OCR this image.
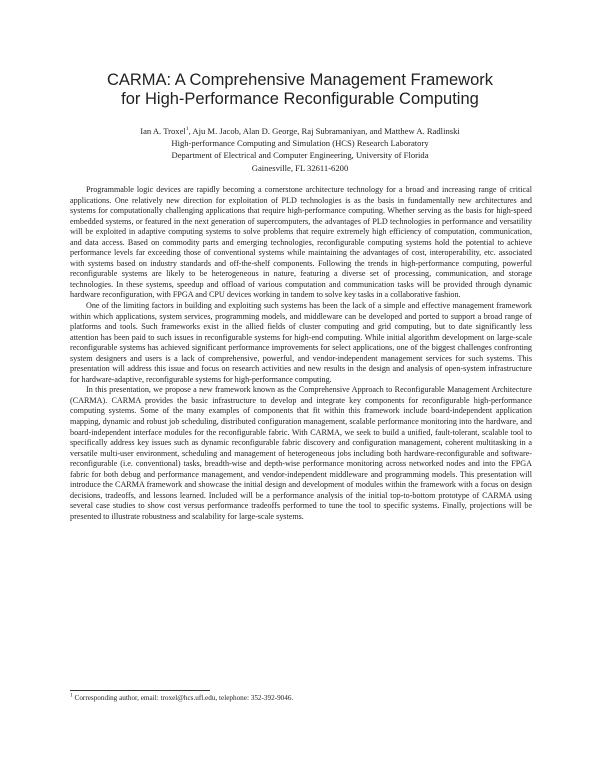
CARMA: A Comprehensive Management Framework
for High-Performance Reconfigurable Computing
Ian A. Troxel$^1$, Aju M. Jacob, Alan D. George, Raj Subramaniyan, and Matthew A. Radlinski
High-performance Computing and Simulation (HCS) Research Laboratory
Department of Electrical and Computer Engineering, University of Florida
Gainesville, FL 32611-6200

Programmable logic devices are rapidly becoming a cornerstone architecture technology for a broad and increasing range of critical applications. One relatively new direction for exploitation of PLD technologies is as the basis in fundamentally new architectures and systems for computationally challenging applications that require high-performance computing. Whether serving as the basis for high-speed embedded systems, or featured in the next generation of supercomputers, the advantages of PLD technologies in performance and versatility will be exploited in adaptive computing systems to solve problems that require extremely high efficiency of computation, communication, and data access. Based on commodity parts and emerging technologies, reconfigurable computing systems hold the potential to achieve performance levels far exceeding those of conventional systems while maintaining the advantages of cost, interoperability, etc. associated with systems based on industry standards and off-the-shelf components. Following the trends in high-performance computing, powerful reconfigurable systems are likely to be heterogeneous in nature, featuring a diverse set of processing, communication, and storage technologies. In these systems, speedup and offload of various computation and communication tasks will be provided through dynamic hardware reconfiguration, with FPGA and CPU devices working in tandem to solve key tasks in a collaborative fashion.

One of the limiting factors in building and exploiting such systems has been the lack of a simple and effective management framework within which applications, system services, programming models, and middleware can be developed and ported to support a broad range of platforms and tools. Such frameworks exist in the allied fields of cluster computing and grid computing, but to date significantly less attention has been paid to such issues in reconfigurable systems for high-end computing. While initial algorithm development on large-scale reconfigurable systems has achieved significant performance improvements for select applications, one of the biggest challenges confronting system designers and users is a lack of comprehensive, powerful, and vendor-independent management services for such systems. This presentation will address this issue and focus on research activities and new results in the design and analysis of open-system infrastructure for hardware-adaptive, reconfigurable systems for high-performance computing.

In this presentation, we propose a new framework known as the Comprehensive Approach to Reconfigurable Management Architecture (CARMA). CARMA provides the basic infrastructure to develop and integrate key components for reconfigurable high-performance computing systems. Some of the many examples of components that fit within this framework include board-independent application mapping, dynamic and robust job scheduling, distributed configuration management, scalable performance monitoring into the hardware, and board-independent interface modules for the reconfigurable fabric. With CARMA, we seek to build a unified, fault-tolerant, scalable tool to specifically address key issues such as dynamic reconfigurable fabric discovery and configuration management, coherent multitasking in a versatile multi-user environment, scheduling and management of heterogeneous jobs including both hardware-reconfigurable and software-reconfigurable (i.e. conventional) tasks, breadth-wise and depth-wise performance monitoring across networked nodes and into the FPGA fabric for both debug and performance management, and vendor-independent middleware and programming models. This presentation will introduce the CARMA framework and showcase the initial design and development of modules within the framework with a focus on design decisions, tradeoffs, and lessons learned. Included will be a performance analysis of the initial top-to-bottom prototype of CARMA using several case studies to show cost versus performance tradeoffs performed to tune the tool to specific systems. Finally, projections will be presented to illustrate robustness and scalability for large-scale systems.

$^1$ Corresponding author, email: troxel@hcs.ufl.edu, telephone: 352-392-9046.
